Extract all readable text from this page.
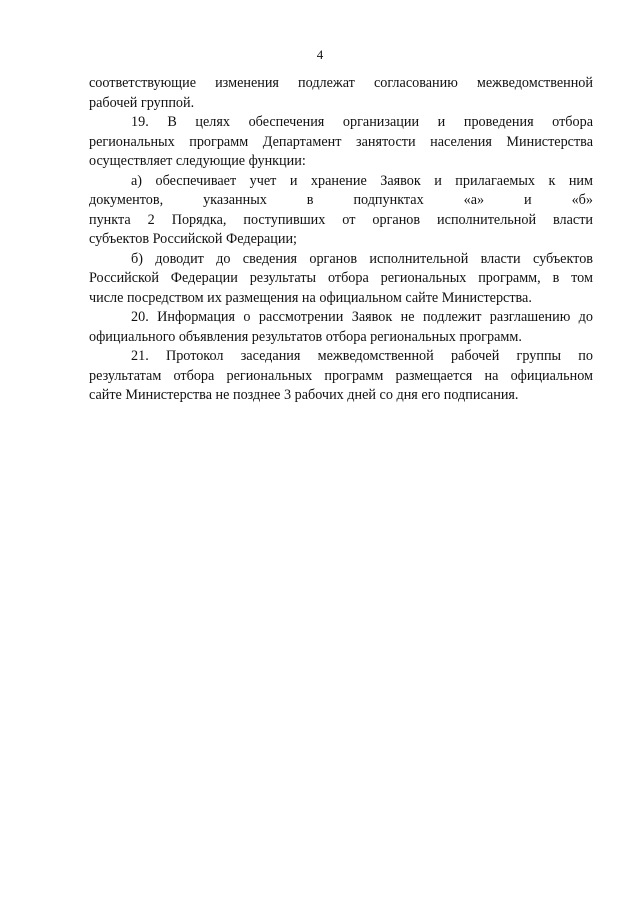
4
соответствующие изменения подлежат согласованию межведомственной
рабочей группой.
19. В целях обеспечения организации и проведения отбора
региональных программ Департамент занятости населения Министерства
осуществляет следующие функции:
а) обеспечивает учет и хранение Заявок и прилагаемых к ним
документов, указанных в подпунктах «а» и «б»
пункта 2 Порядка, поступивших от органов исполнительной власти
субъектов Российской Федерации;
б) доводит до сведения органов исполнительной власти субъектов
Российской Федерации результаты отбора региональных программ, в том
числе посредством их размещения на официальном сайте Министерства.
20. Информация о рассмотрении Заявок не подлежит разглашению до
официального объявления результатов отбора региональных программ.
21. Протокол заседания межведомственной рабочей группы по
результатам отбора региональных программ размещается на официальном
сайте Министерства не позднее 3 рабочих дней со дня его подписания.
